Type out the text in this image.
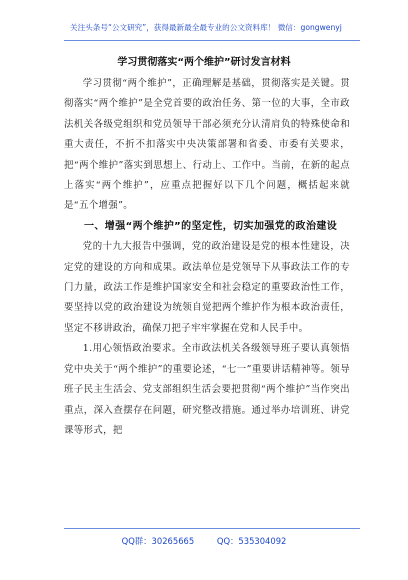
关注头条号“公文研究”，获得最新最全最专业的公文资料库！ 微信：gongwenyj
学习贯彻落实“两个维护”研讨发言材料

学习贯彻“两个维护”，正确理解是基础，贯彻落实是关键。贯彻落实“两个维护”是全党首要的政治任务、第一位的大事，全市政法机关各级党组织和党员领导干部必须充分认清肩负的特殊使命和重大责任，不折不扣落实中央决策部署和省委、市委有关要求，把“两个维护”落实到思想上、行动上、工作中。当前，在新的起点上落实“两个维护”，应重点把握好以下几个问题，概括起来就是“五个增强”。

一、增强“两个维护”的坚定性，切实加强党的政治建设

党的十九大报告中强调，党的政治建设是党的根本性建设，决定党的建设的方向和成果。政法单位是党领导下从事政法工作的专门力量，政法工作是维护国家安全和社会稳定的重要政治性工作，要坚持以党的政治建设为统领自觉把两个维护作为根本政治责任，坚定不移讲政治，确保刀把子牢牢掌握在党和人民手中。

1.用心领悟政治要求。全市政法机关各级领导班子要认真领悟党中央关于“两个维护”的重要论述，“七一”重要讲话精神等。领导班子民主生活会、党支部组织生活会要把贯彻“两个维护”当作突出重点，深入查摆存在问题，研究整改措施。通过举办培训班、讲党课等形式，把

QQ群：30265665	QQ：535304092
